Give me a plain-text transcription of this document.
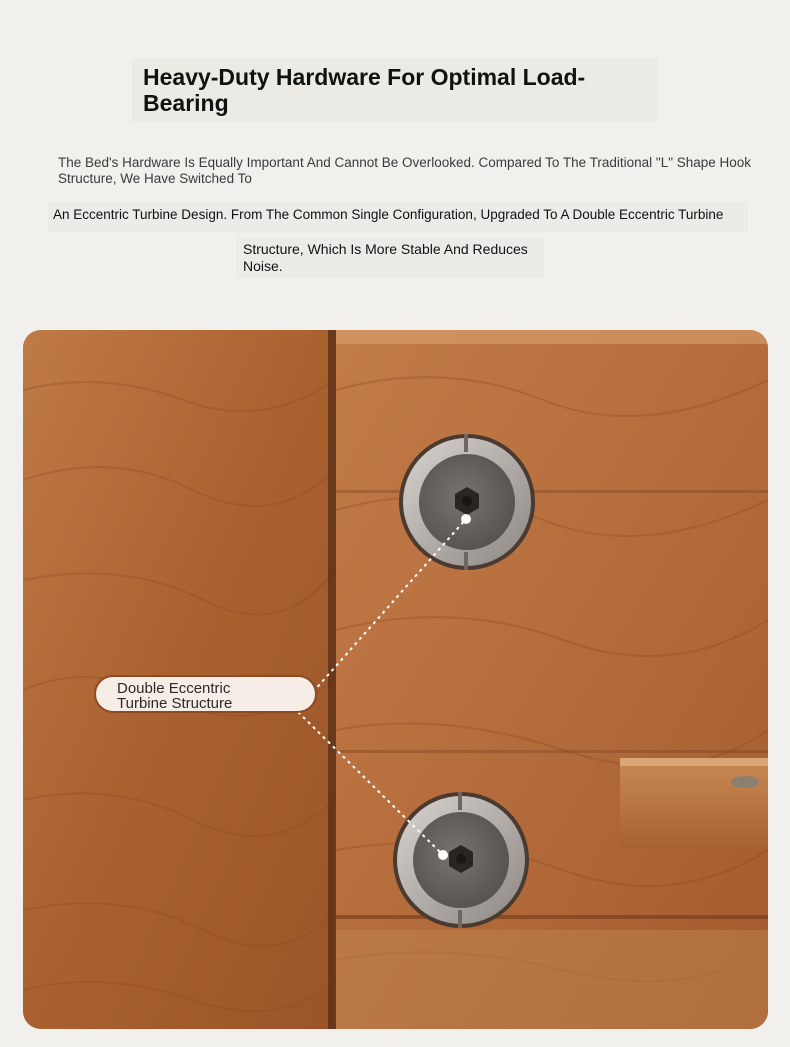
Heavy-Duty Hardware For Optimal Load-Bearing

The Bed's Hardware Is Equally Important And Cannot Be Overlooked. Compared To The Traditional "L" Shape Hook Structure, We Have Switched To

An Eccentric Turbine Design. From The Common Single Configuration, Upgraded To A Double Eccentric Turbine

Structure, Which Is More Stable And Reduces Noise.

Double Eccentric
Turbine Structure
